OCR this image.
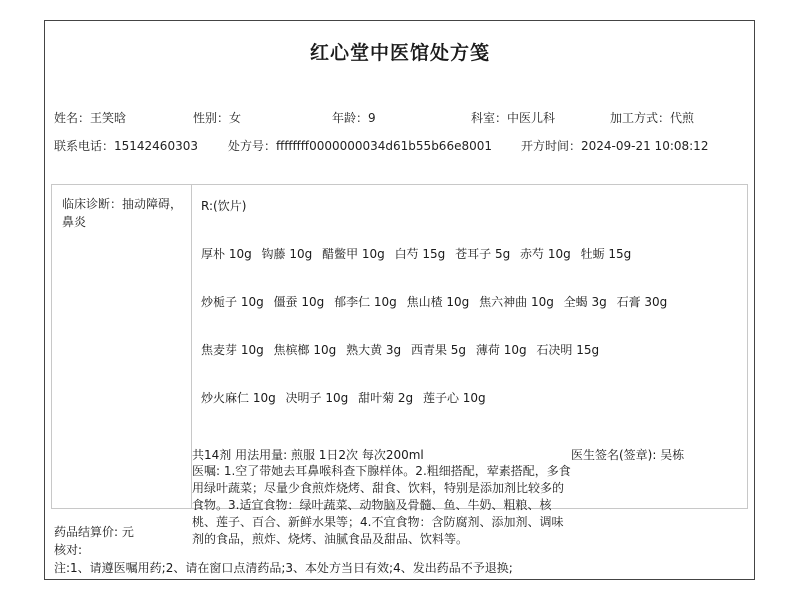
红心堂中医馆处方笺
姓名：王笑晗	性别：女	年龄：9	科室：中医儿科	加工方式：代煎
联系电话：15142460303	处方号：ffffffff0000000034d61b55b66e8001 开方时间：2024-09-21 10:08:12
临床诊断：抽动障碍，鼻炎
R:(饮片)
厚朴 10g 钩藤 10g 醋鳖甲 10g 白芍 15g 苍耳子 5g 赤芍 10g 牡蛎 15g
炒栀子 10g 僵蚕 10g 郁李仁 10g 焦山楂 10g 焦六神曲 10g 全蝎 3g 石膏 30g
焦麦芽 10g 焦槟榔 10g 熟大黄 3g 西青果 5g 薄荷 10g 石决明 15g
炒火麻仁 10g 决明子 10g 甜叶菊 2g 莲子心 10g
共14剂 用法用量: 煎服 1日2次 每次200ml	医生签名(签章): 吴栋
医嘱: 1.空了带她去耳鼻喉科查下腺样体。2.粗细搭配，荤素搭配，多食用绿叶蔬菜；尽量少食煎炸烧烤、甜食、饮料，特别是添加剂比较多的食物。3.适宜食物：绿叶蔬菜、动物脑及骨髓、鱼、牛奶、粗粮、核桃、莲子、百合、新鲜水果等；4.不宜食物：含防腐剂、添加剂、调味剂的食品，煎炸、烧烤、油腻食品及甜品、饮料等。
药品结算价: 元
核对:
注:1、请遵医嘱用药;2、请在窗口点清药品;3、本处方当日有效;4、发出药品不予退换;
